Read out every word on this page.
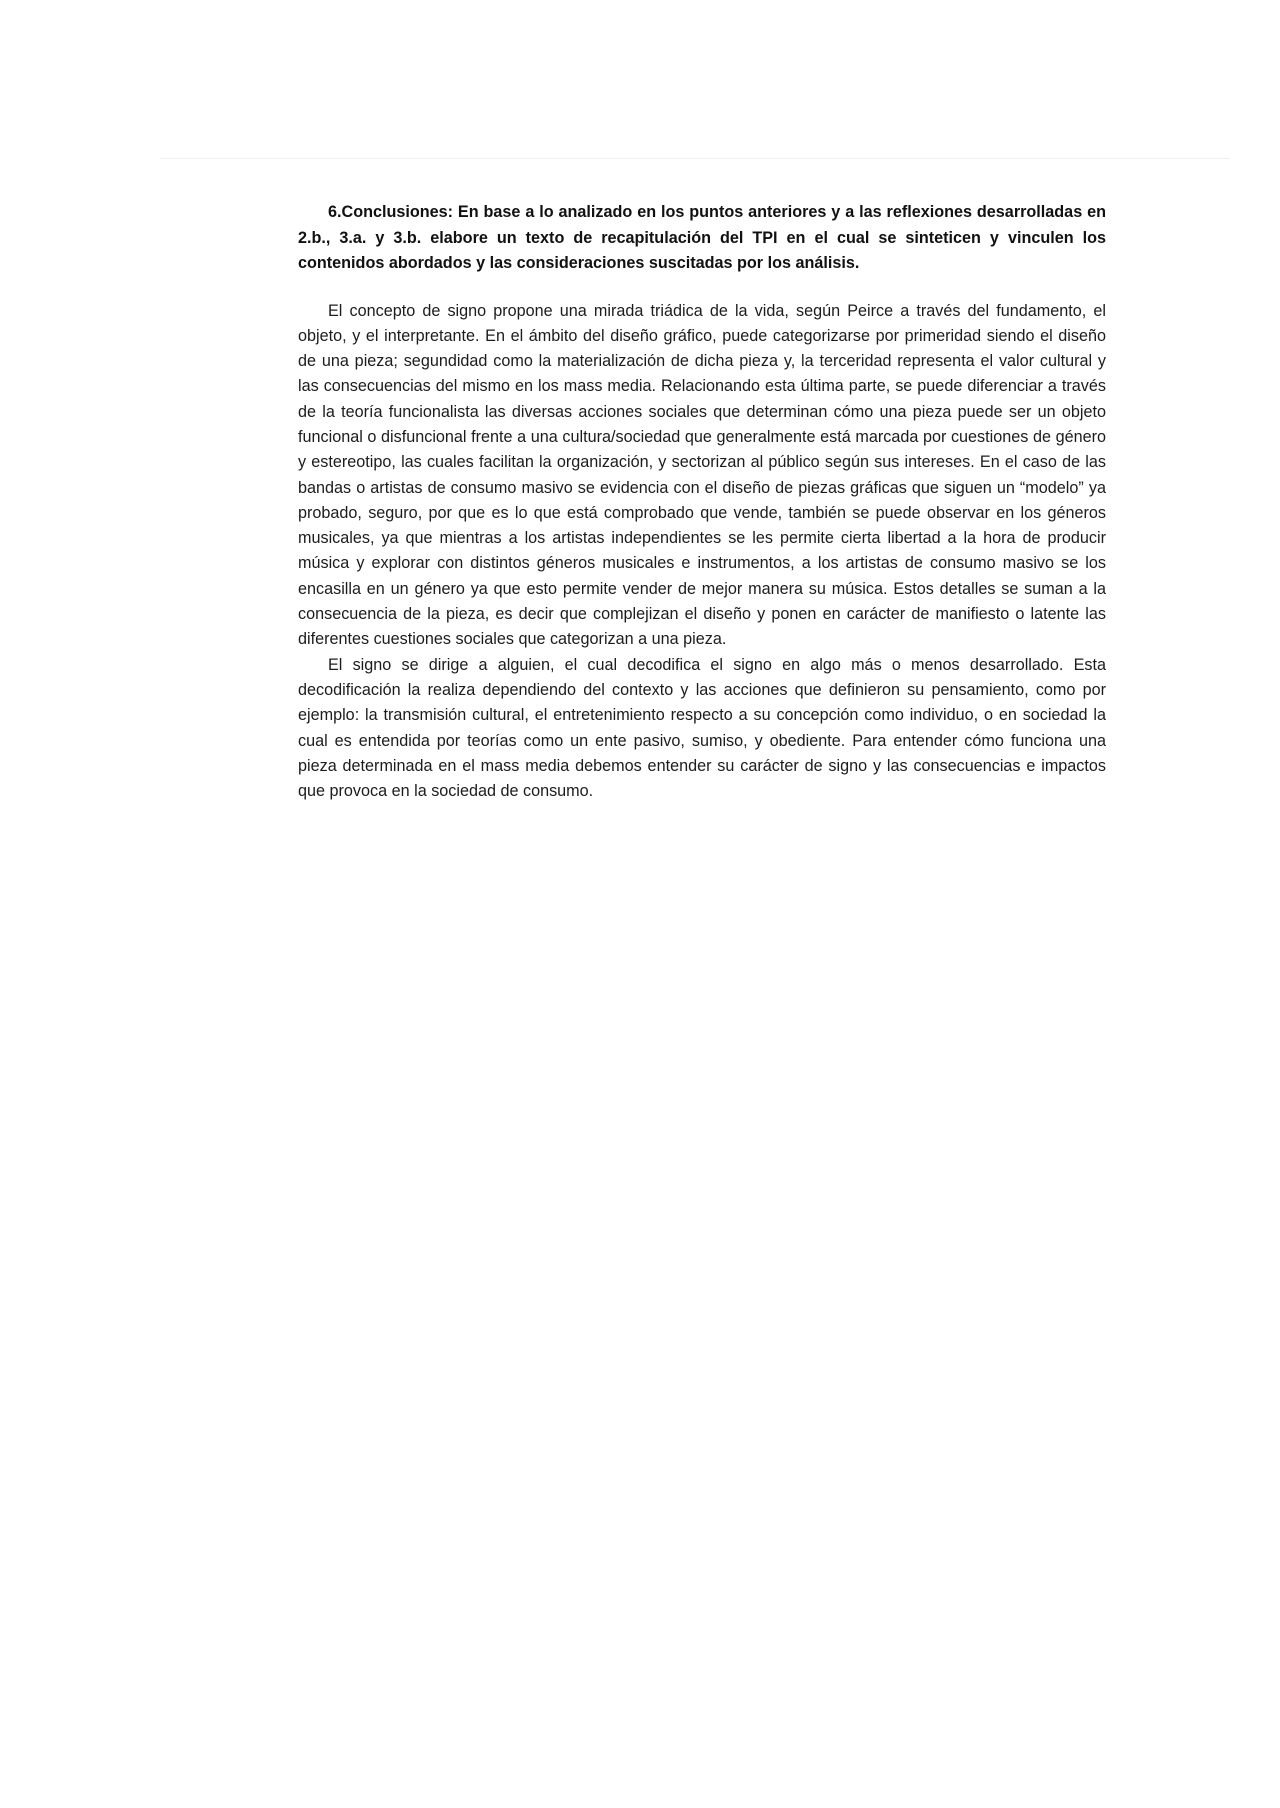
6.Conclusiones: En base a lo analizado en los puntos anteriores y a las reflexiones desarrolladas en 2.b., 3.a. y 3.b. elabore un texto de recapitulación del TPI en el cual se sinteticen y vinculen los contenidos abordados y las consideraciones suscitadas por los análisis.

El concepto de signo propone una mirada triádica de la vida, según Peirce a través del fundamento, el objeto, y el interpretante. En el ámbito del diseño gráfico, puede categorizarse por primeridad siendo el diseño de una pieza; segundidad como la materialización de dicha pieza y, la terceridad representa el valor cultural y las consecuencias del mismo en los mass media. Relacionando esta última parte, se puede diferenciar a través de la teoría funcionalista las diversas acciones sociales que determinan cómo una pieza puede ser un objeto funcional o disfuncional frente a una cultura/sociedad que generalmente está marcada por cuestiones de género y estereotipo, las cuales facilitan la organización, y sectorizan al público según sus intereses. En el caso de las bandas o artistas de consumo masivo se evidencia con el diseño de piezas gráficas que siguen un “modelo” ya probado, seguro, por que es lo que está comprobado que vende, también se puede observar en los géneros musicales, ya que mientras a los artistas independientes se les permite cierta libertad a la hora de producir música y explorar con distintos géneros musicales e instrumentos, a los artistas de consumo masivo se los encasilla en un género ya que esto permite vender de mejor manera su música. Estos detalles se suman a la consecuencia de la pieza, es decir que complejizan el diseño y ponen en carácter de manifiesto o latente las diferentes cuestiones sociales que categorizan a una pieza.

El signo se dirige a alguien, el cual decodifica el signo en algo más o menos desarrollado. Esta decodificación la realiza dependiendo del contexto y las acciones que definieron su pensamiento, como por ejemplo: la transmisión cultural, el entretenimiento respecto a su concepción como individuo, o en sociedad la cual es entendida por teorías como un ente pasivo, sumiso, y obediente. Para entender cómo funciona una pieza determinada en el mass media debemos entender su carácter de signo y las consecuencias e impactos que provoca en la sociedad de consumo.
